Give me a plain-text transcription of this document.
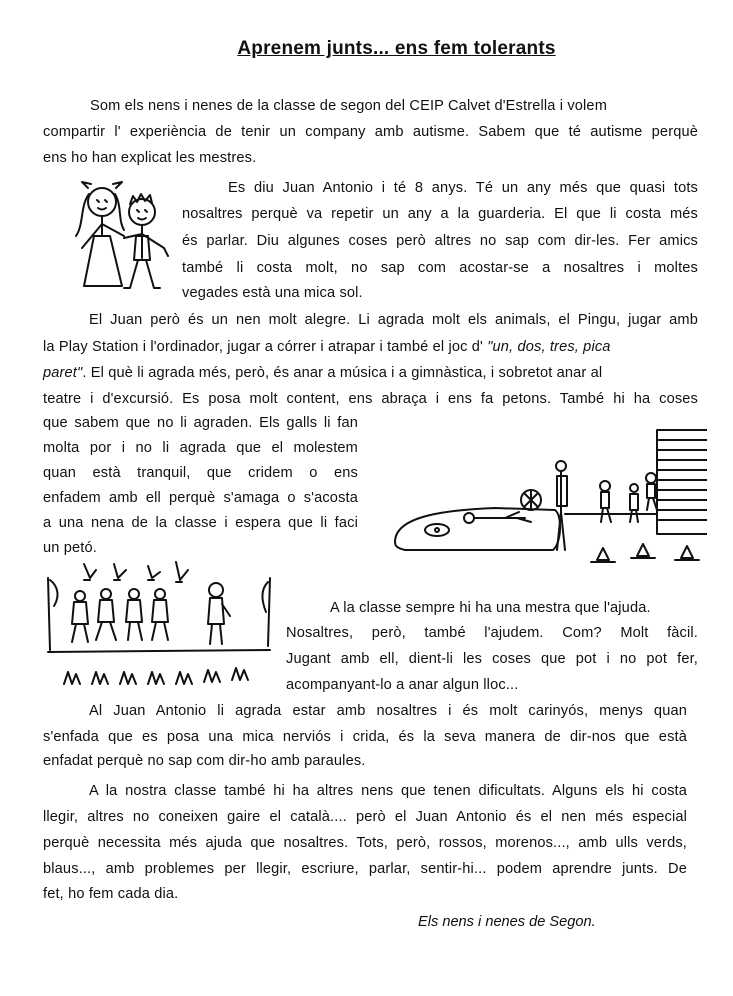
Aprenem junts... ens fem tolerants
Som els nens i nenes de la classe de segon del CEIP Calvet d'Estrella i volem
compartir l' experiència de tenir un company amb autisme. Sabem que té autisme perquè
ens ho han explicat les mestres.
Es diu Juan Antonio i té 8 anys. Té un any més que quasi tots
nosaltres perquè va repetir un any a la guarderia. El que li costa més
és parlar. Diu algunes coses però altres no sap com dir-les. Fer amics
també li costa molt, no sap com acostar-se a nosaltres i moltes
vegades està una mica sol.
El Juan però és un nen molt alegre. Li agrada molt els animals, el Pingu, jugar amb
la Play Station i l'ordinador, jugar a córrer i atrapar i també el joc d' "un, dos, tres, pica
paret". El què li agrada més, però, és anar a música i a gimnàstica, i sobretot anar al
teatre i d'excursió. Es posa molt content, ens abraça i ens fa petons. També hi ha coses
que sabem que no li agraden. Els galls li fan
molta por i no li agrada que el molestem
quan està tranquil, que cridem o ens
enfadem amb ell perquè s'amaga o s'acosta
a una nena de la classe i espera que li faci
un petó.
A la classe sempre hi ha una mestra que l'ajuda.
Nosaltres, però, també l'ajudem. Com? Molt fàcil.
Jugant amb ell, dient-li les coses que pot i no pot fer,
acompanyant-lo a anar algun lloc...
Al Juan Antonio li agrada estar amb nosaltres i és molt carinyós, menys quan
s'enfada que es posa una mica nerviós i crida, és la seva manera de dir-nos que està
enfadat perquè no sap com dir-ho amb paraules.
A la nostra classe també hi ha altres nens que tenen dificultats. Alguns els hi costa
llegir, altres no coneixen gaire el català.... però el Juan Antonio és el nen més especial
perquè necessita més ajuda que nosaltres. Tots, però, rossos, morenos..., amb ulls verds,
blaus..., amb problemes per llegir, escriure, parlar, sentir-hi... podem aprendre junts. De
fet, ho fem cada dia.
Els nens i nenes de Segon.
